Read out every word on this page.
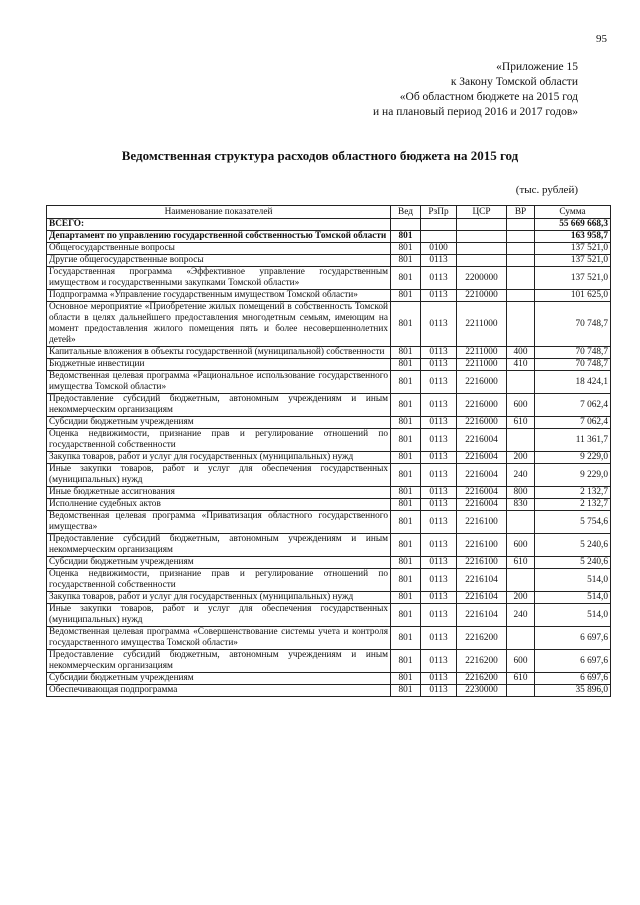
95
«Приложение 15
к Закону Томской области
«Об областном бюджете на 2015 год
и на плановый период 2016 и 2017 годов»
Ведомственная структура расходов областного бюджета на 2015 год
(тыс. рублей)
Наименование показателей	Вед	РзПр	ЦСР	ВР	Сумма
ВСЕГО:					55 669 668,3
Департамент по управлению государственной собственностью Томской области	801				163 958,7
Общегосударственные вопросы	801	0100			137 521,0
Другие общегосударственные вопросы	801	0113			137 521,0
Государственная программа «Эффективное управление государственным имуществом и государственными закупками Томской области»	801	0113	2200000		137 521,0
Подпрограмма «Управление государственным имуществом Томской области»	801	0113	2210000		101 625,0
Основное мероприятие «Приобретение жилых помещений в собственность Томской области в целях дальнейшего предоставления многодетным семьям, имеющим на момент предоставления жилого помещения пять и более несовершеннолетних детей»	801	0113	2211000		70 748,7
Капитальные вложения в объекты государственной (муниципальной) собственности	801	0113	2211000	400	70 748,7
Бюджетные инвестиции	801	0113	2211000	410	70 748,7
Ведомственная целевая программа «Рациональное использование государственного имущества Томской области»	801	0113	2216000		18 424,1
Предоставление субсидий бюджетным, автономным учреждениям и иным некоммерческим организациям	801	0113	2216000	600	7 062,4
Субсидии бюджетным учреждениям	801	0113	2216000	610	7 062,4
Оценка недвижимости, признание прав и регулирование отношений по государственной собственности	801	0113	2216004		11 361,7
Закупка товаров, работ и услуг для государственных (муниципальных) нужд	801	0113	2216004	200	9 229,0
Иные закупки товаров, работ и услуг для обеспечения государственных (муниципальных) нужд	801	0113	2216004	240	9 229,0
Иные бюджетные ассигнования	801	0113	2216004	800	2 132,7
Исполнение судебных актов	801	0113	2216004	830	2 132,7
Ведомственная целевая программа «Приватизация областного государственного имущества»	801	0113	2216100		5 754,6
Предоставление субсидий бюджетным, автономным учреждениям и иным некоммерческим организациям	801	0113	2216100	600	5 240,6
Субсидии бюджетным учреждениям	801	0113	2216100	610	5 240,6
Оценка недвижимости, признание прав и регулирование отношений по государственной собственности	801	0113	2216104		514,0
Закупка товаров, работ и услуг для государственных (муниципальных) нужд	801	0113	2216104	200	514,0
Иные закупки товаров, работ и услуг для обеспечения государственных (муниципальных) нужд	801	0113	2216104	240	514,0
Ведомственная целевая программа «Совершенствование системы учета и контроля государственного имущества Томской области»	801	0113	2216200		6 697,6
Предоставление субсидий бюджетным, автономным учреждениям и иным некоммерческим организациям	801	0113	2216200	600	6 697,6
Субсидии бюджетным учреждениям	801	0113	2216200	610	6 697,6
Обеспечивающая подпрограмма	801	0113	2230000		35 896,0
